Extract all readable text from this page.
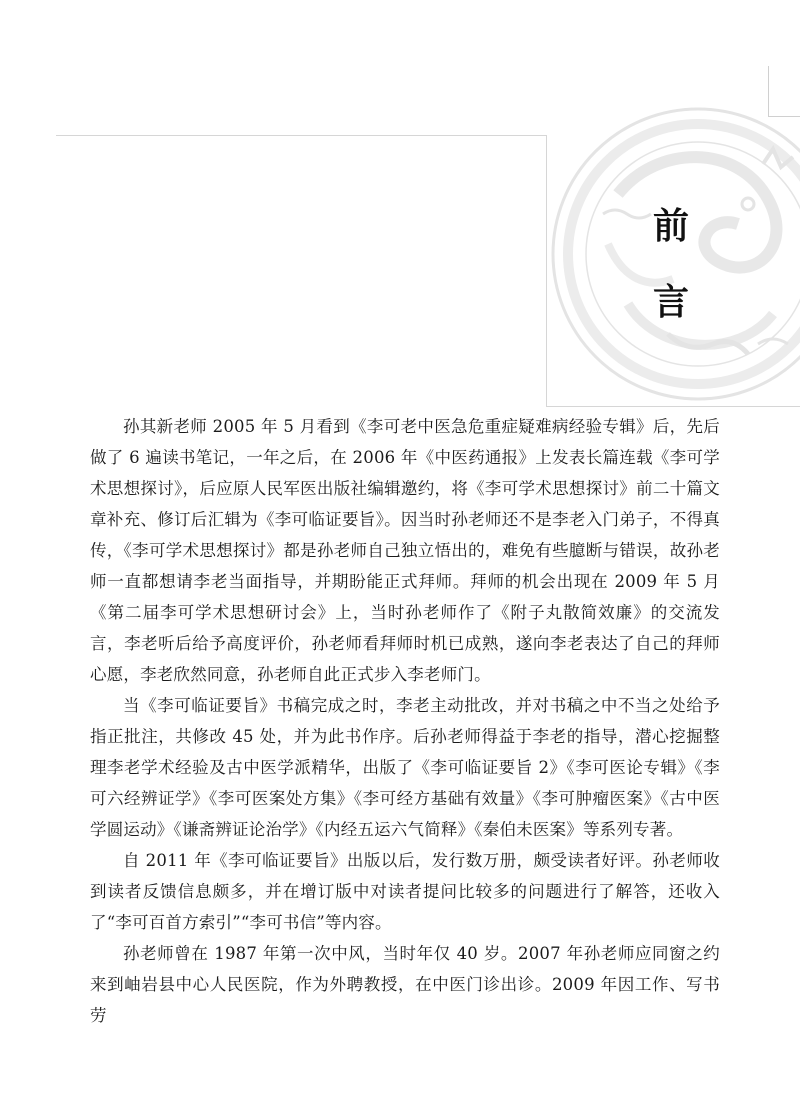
前
言

孙其新老师 2005 年 5 月看到《李可老中医急危重症疑难病经验专辑》后，先后做了 6 遍读书笔记，一年之后，在 2006 年《中医药通报》上发表长篇连载《李可学术思想探讨》，后应原人民军医出版社编辑邀约，将《李可学术思想探讨》前二十篇文章补充、修订后汇辑为《李可临证要旨》。因当时孙老师还不是李老入门弟子，不得真传，《李可学术思想探讨》都是孙老师自己独立悟出的，难免有些臆断与错误，故孙老师一直都想请李老当面指导，并期盼能正式拜师。拜师的机会出现在 2009 年 5 月《第二届李可学术思想研讨会》上，当时孙老师作了《附子丸散简效廉》的交流发言，李老听后给予高度评价，孙老师看拜师时机已成熟，遂向李老表达了自己的拜师心愿，李老欣然同意，孙老师自此正式步入李老师门。

当《李可临证要旨》书稿完成之时，李老主动批改，并对书稿之中不当之处给予指正批注，共修改 45 处，并为此书作序。后孙老师得益于李老的指导，潜心挖掘整理李老学术经验及古中医学派精华，出版了《李可临证要旨 2》《李可医论专辑》《李可六经辨证学》《李可医案处方集》《李可经方基础有效量》《李可肿瘤医案》《古中医学圆运动》《谦斋辨证论治学》《内经五运六气简释》《秦伯未医案》等系列专著。

自 2011 年《李可临证要旨》出版以后，发行数万册，颇受读者好评。孙老师收到读者反馈信息颇多，并在增订版中对读者提问比较多的问题进行了解答，还收入了“李可百首方索引”“李可书信”等内容。

孙老师曾在 1987 年第一次中风，当时年仅 40 岁。2007 年孙老师应同窗之约来到岫岩县中心人民医院，作为外聘教授，在中医门诊出诊。2009 年因工作、写书劳
